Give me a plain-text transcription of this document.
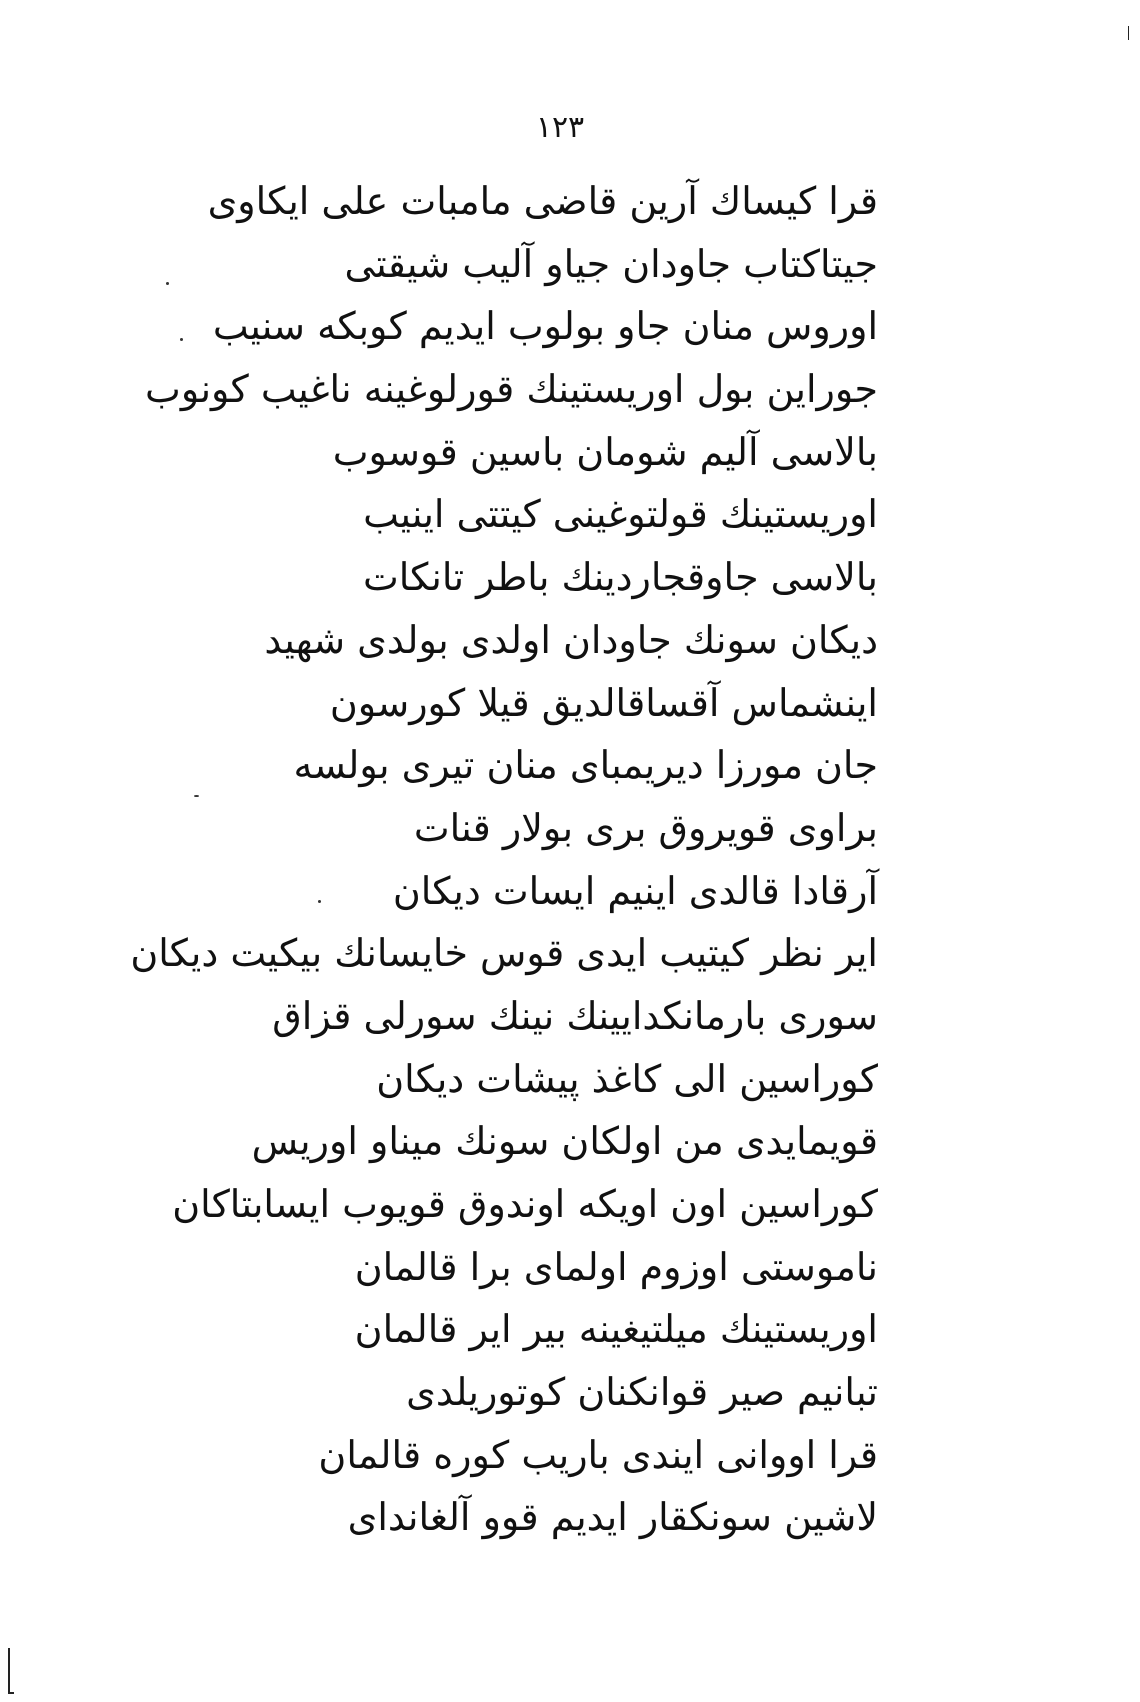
۱۲۳
قرا کیساك آرین قاضی مامبات علی ایکاوی
جیتاکتاب جاودان جیاو آلیب شیقتی
اوروس منان جاو بولوب ایدیم کوبکه سنیب
جوراین بول اوریستینك قورلوغینه ناغیب کونوب
بالاسی آلیم شومان باسین قوسوب
اوریستینك قولتوغینی کیتتی اینیب
بالاسی جاوقجاردینك باطر تانكات
دیکان سونك جاودان اولدی بولدی شهید
اینشماس آقساقالدیق قیلا کورسون
جان مورزا دیریمبای منان تیری بولسه
براوی قویروق بری بولار قنات
آرقادا قالدی اینیم ایسات دیکان
ایر نظر کیتیب ایدی قوس خایسانك بیکیت دیکان
سوری بارمانكدایینك نینك سورلی قزاق
کوراسین الی کاغذ پیشات دیکان
قویمایدی من اولکان سونك میناو اوریس
کوراسین اون اویکه اوندوق قویوب ایسابتاکان
ناموستی اوزوم اولمای برا قالمان
اوریستینك میلتیغینه بیر ایر قالمان
تبانیم صیر قوانکنان کوتوریلدی
قرا اووانی ایندی باریب کوره قالمان
لاشین سونکقار ایدیم قوو آلغاندای
